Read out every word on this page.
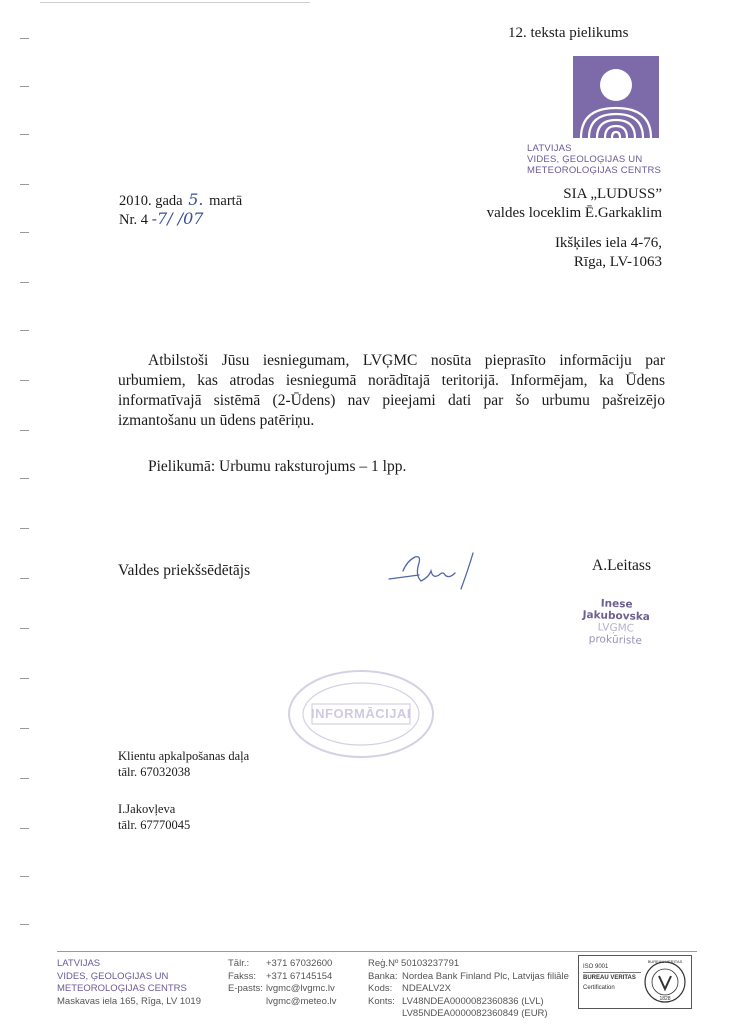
12. teksta pielikums
LATVIJAS
VIDES, ĢEOLOĢIJAS UN
METEOROLOĢIJAS CENTRS
2010. gada 5. martā
Nr. 4 -7/ /07
SIA „LUDUSS”
valdes loceklim Ē.Garkaklim
Ikšķiles iela 4-76,
Rīga, LV-1063
Atbilstoši Jūsu iesniegumam, LVĢMC nosūta pieprasīto informāciju par urbumiem, kas atrodas iesniegumā norādītajā teritorijā. Informējam, ka Ūdens informatīvajā sistēmā (2-Ūdens) nav pieejami dati par šo urbumu pašreizējo izmantošanu un ūdens patēriņu.
Pielikumā: Urbumu raksturojums – 1 lpp.
Valdes priekšsēdētājs	A.Leitass
Inese Jakubovska
LVĢMC
prokūriste
INFORMĀCIJAI
Klientu apkalpošanas daļa
tālr. 67032038
I.Jakovļeva
tālr. 67770045
LATVIJAS
VIDES, ĢEOLOĢIJAS UN
METEOROLOĢIJAS CENTRS
Maskavas iela 165, Rīga, LV 1019
Tālr.: +371 67032600
Fakss: +371 67145154
E-pasts: lvgmc@lvgmc.lv
lvgmc@meteo.lv
Reģ.Nº 50103237791
Banka: Nordea Bank Finland Plc, Latvijas filiāle
Kods: NDEALV2X
Konts: LV48NDEA0000082360836 (LVL)
LV85NDEA0000082360849 (EUR)
ISO 9001
BUREAU VERITAS
Certification
BUREAU VERITAS
1828
